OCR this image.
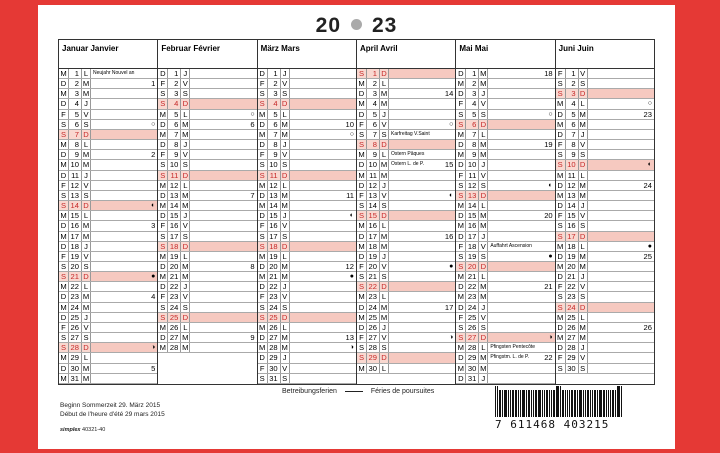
20 23
Januar Janvier
M	1 L Neujahr Nouvel an
D	2 M	1
M	3 M
D	4 J
F	5 V
S	6 S	○
S	7 D
M	8 L
D	9 M	2
M 10 M
D 11 J
F 12 V
S 13 S
S 14 D	◐
M 15 L
D 16 M	3
M 17 M
D 18 J
F 19 V
S 20 S
S 21 D	●
M 22 L
D 23 M	4
M 24 M
D 25 J
F 26 V
S 27 S
S 28 D	◑
M 29 L
D 30 M	5
M 31 M
Februar Février
D	1 J
F	2 V
S	3 S
S	4 D
M	5 L	○
D	6 M	6
M	7 M
D	8 J
F	9 V
S 10 S
S 11 D
M 12 L
D 13 M	7
M 14 M
D 15 J
F 16 V
S 17 S
S 18 D
M 19 L
D 20 M	8
M 21 M
D 22 J
F 23 V
S 24 S
S 25 D
M 26 L
D 27 M	9
M 28 M
März Mars
D	1 J
F	2 V
S	3 S
S	4 D
M	5 L
D	6 M	10
M	7 M	○
D	8 J
F	9 V
S 10 S
S 11 D
M 12 L
D 13 M	11
M 14 M
D 15 J	◐
F 16 V
S 17 S
S 18 D
M 19 L
D 20 M	12
M 21 M	●
D 22 J
F 23 V
S 24 S
S 25 D
M 26 L
D 27 M	13
M 28 M	◑
D 29 J
F 30 V
S 31 S
April Avril
S	1 D
M	2 L
D	3 M	14
M	4 M
D	5 J
F	6 V	○
S	7 S Karfreitag V.Saint
S	8 D
M	9 L Ostern Pâques
D 10 M Ostern L. de P.	15
M 11 M
D 12 J
F 13 V	◐
S 14 S
S 15 D
M 16 L
D 17 M	16
M 18 M
D 19 J
F 20 V	●
S 21 S
S 22 D
M 23 L
D 24 M	17
M 25 M
D 26 J
F 27 V	◑
S 28 S
S 29 D
M 30 L
Mai Mai
D	1 M	18
M	2 M
D	3 J
F	4 V
S	5 S	○
S	6 D
M	7 L
D	8 M	19
M	9 M
D 10 J
F 11 V
S 12 S	◐
S 13 D
M 14 L
D 15 M	20
M 16 M
D 17 J
F 18 V Auffahrt Ascension
S 19 S	●
S 20 D
M 21 L
D 22 M	21
M 23 M
D 24 J
F 25 V
S 26 S
S 27 D	◑
M 28 L Pfingsten Pentecôte
D 29 M Pfingstm. L. de P. 22
M 30 M
D 31 J
Juni Juin
F	1 V
S	2 S
S	3 D
M	4 L	○
D	5 M	23
M	6 M
D	7 J
F	8 V
S	9 S
S 10 D	◐
M 11 L
D 12 M	24
M 13 M
D 14 J
F 15 V
S 16 S
S 17 D
M 18 L	●
D 19 M	25
M 20 M
D 21 J
F 22 V
S 23 S
S 24 D
M 25 L
D 26 M	26
M 27 M
D 28 J
F 29 V
S 30 S
Betreibungsferien	Féries de poursuites
Beginn Sommerzeit 29. März 2015
Début de l'heure d'été 29 mars 2015
simplex 40321-40	7 611468 403215
